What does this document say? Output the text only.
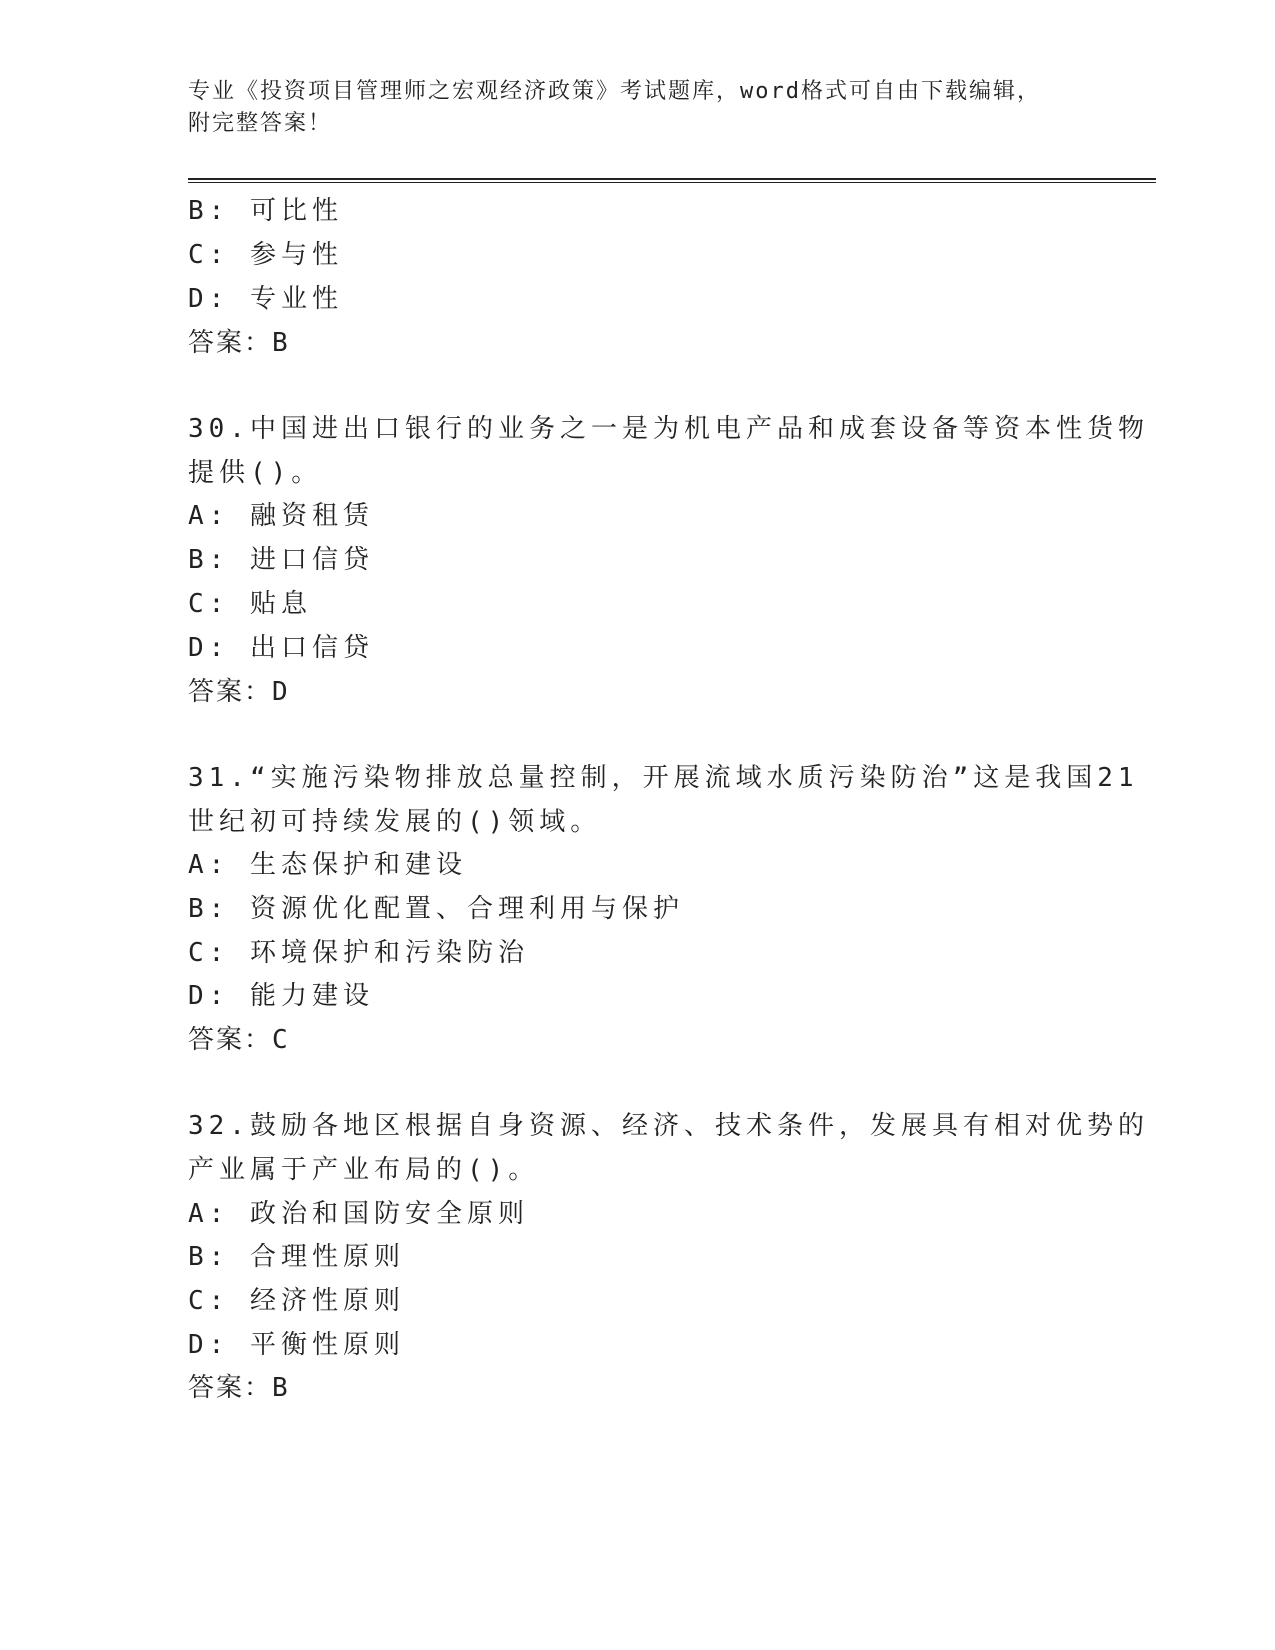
专业《投资项目管理师之宏观经济政策》考试题库，word格式可自由下载编辑，
附完整答案！
B: 可比性
C: 参与性
D: 专业性
答案：B
30.中国进出口银行的业务之一是为机电产品和成套设备等资本性货物
提供()。
A: 融资租赁
B: 进口信贷
C: 贴息
D: 出口信贷
答案：D
31.“实施污染物排放总量控制，开展流域水质污染防治”这是我国21
世纪初可持续发展的()领域。
A: 生态保护和建设
B: 资源优化配置、合理利用与保护
C: 环境保护和污染防治
D: 能力建设
答案：C
32.鼓励各地区根据自身资源、经济、技术条件，发展具有相对优势的
产业属于产业布局的()。
A: 政治和国防安全原则
B: 合理性原则
C: 经济性原则
D: 平衡性原则
答案：B
